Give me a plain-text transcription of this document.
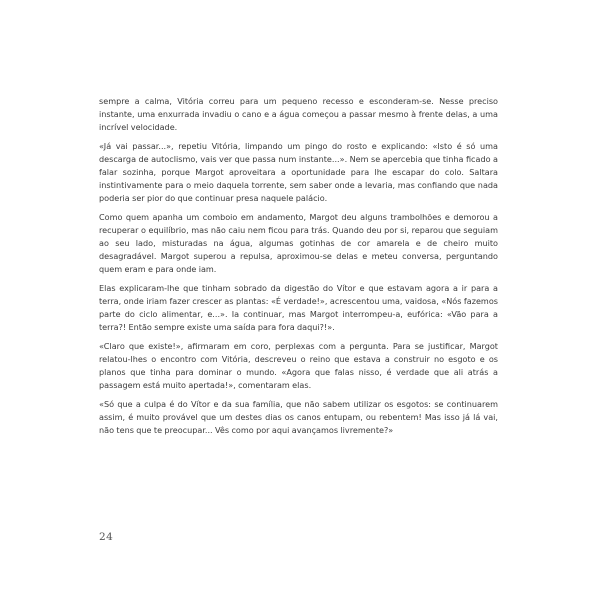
sempre a calma, Vitória correu para um pequeno recesso e esconderam-se. Nesse preciso instante, uma enxurrada invadiu o cano e a água começou a passar mesmo à frente delas, a uma incrível velocidade.

«Já vai passar...», repetiu Vitória, limpando um pingo do rosto e explicando: «Isto é só uma descarga de autoclismo, vais ver que passa num instante...». Nem se apercebia que tinha ficado a falar sozinha, porque Margot aproveitara a oportunidade para lhe escapar do colo. Saltara instintivamente para o meio daquela torrente, sem saber onde a levaria, mas confiando que nada poderia ser pior do que continuar presa naquele palácio.

Como quem apanha um comboio em andamento, Margot deu alguns trambolhões e demorou a recuperar o equilíbrio, mas não caiu nem ficou para trás. Quando deu por si, reparou que seguiam ao seu lado, misturadas na água, algumas gotinhas de cor amarela e de cheiro muito desagradável. Margot superou a repulsa, aproximou-se delas e meteu conversa, perguntando quem eram e para onde iam.

Elas explicaram-lhe que tinham sobrado da digestão do Vítor e que estavam agora a ir para a terra, onde iriam fazer crescer as plantas: «É verdade!», acrescentou uma, vaidosa, «Nós fazemos parte do ciclo alimentar, e...». Ia continuar, mas Margot interrompeu-a, eufórica: «Vão para a terra?! Então sempre existe uma saída para fora daqui?!».

«Claro que existe!», afirmaram em coro, perplexas com a pergunta. Para se justificar, Margot relatou-lhes o encontro com Vitória, descreveu o reino que estava a construir no esgoto e os planos que tinha para dominar o mundo. «Agora que falas nisso, é verdade que ali atrás a passagem está muito apertada!», comentaram elas.

«Só que a culpa é do Vítor e da sua família, que não sabem utilizar os esgotos: se continuarem assim, é muito provável que um destes dias os canos entupam, ou rebentem! Mas isso já lá vai, não tens que te preocupar... Vês como por aqui avançamos livremente?»

24
